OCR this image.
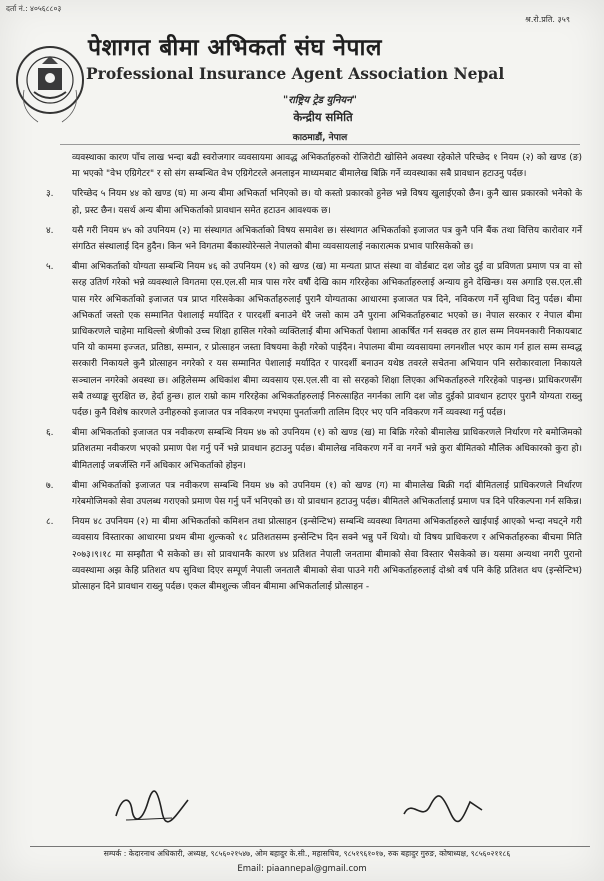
दर्ता नं.: ४०५६८८०३
श्र.रो.प्रति. ३५९
पेशागत बीमा अभिकर्ता संघ नेपाल
Professional Insurance Agent Association Nepal
"राष्ट्रिय ट्रेड युनियन"
केन्द्रीय समिति
काठमाडौं, नेपाल
व्यवस्थाका कारण पाँच लाख भन्दा बढी स्वरोजगार व्यवसायमा आवद्ध अभिकर्ताहरुको रोजिरोटी खोसिने अवस्था रहेकोले परिच्छेद १ नियम (२) को खण्ड (ङ) मा भएको "वेभ एग्रिगेटर" र सो संग सम्बन्धित वेभ एग्रिगेटरले अनलाइन माध्यमबाट बीमालेख बिक्रि गर्ने व्यवस्थाका सबै प्रावधान हटाउनु पर्दछ।
३.	परिच्छेद ५ नियम ४४ को खण्ड (घ) मा अन्य बीमा अभिकर्ता भनिएको छ। यो कस्तो प्रकारको हुनेछ भन्ने विषय खुलाईएको छैन। कुनै खास प्रकारको भनेको के हो, प्रस्ट छैन। यसर्थ अन्य बीमा अभिकर्ताको प्रावधान समेत हटाउन आवश्यक छ।
४.	यसै गरी नियम ४५ को उपनियम (२) मा संस्थागत अभिकर्ताको विषय समावेश छ। संस्थागत अभिकर्ताको इजाजत पत्र कुनै पनि बैंक तथा वित्तिय कारोवार गर्ने संगठित संस्थालाई दिन हुदैन। किन भने विगतमा बैंकास्योरेन्सले नेपालको बीमा व्यवसायलाई नकारात्मक प्रभाव पारिसकेको छ।
५.	बीमा अभिकर्ताको योग्यता सम्बन्धि नियम ४६ को उपनियम (१) को खण्ड (ख) मा मन्यता प्राप्त संस्था वा वोर्डबाट दश जोड दुई वा प्रविणता प्रमाण पत्र वा सो सरह उतिर्ण गरेको भन्ने व्यवस्थाले विगतमा एस.एल.सी मात्र पास गरेर वर्षौ देखि काम गरिरहेका अभिकर्ताहरुलाई अन्याय हुने देखिन्छ। यस अगाडि एस.एल.सी पास गरेर अभिकर्ताको इजाजत पत्र प्राप्त गरिसकेका अभिकर्ताहरुलाई पुरानै योग्यताका आधारमा इजाजत पत्र दिने, नविकरण गर्ने सुविधा दिनु पर्दछ। बीमा अभिकर्ता जस्तो एक सम्मानित पेशालाई मर्यादित र पारदर्शी बनाउने धेरै जसो काम उनै पुराना अभिकर्ताहरुबाट भएको छ। नेपाल सरकार र नेपाल बीमा प्राधिकरणले चाहेमा माथिल्लो श्रेणीको उच्च शिक्षा हासिल गरेको व्यक्तिलाई बीमा अभिकर्ता पेशामा आकर्षित गर्न सक्दछ तर हाल सम्म नियमनकारी निकायबाट पनि यो काममा इज्जत, प्रतिष्ठा, सम्मान, र प्रोत्साहन जस्ता विषयमा केही गरेको पाईदैन। नेपालमा बीमा व्यवसायमा लगनशील भएर काम गर्न हाल सम्म सम्वद्ध सरकारी निकायले कुनै प्रोत्साहन नगरेको र यस सम्मानित पेशालाई मर्यादित र पारदर्शी बनाउन यथेष्ठ तवरले सचेतना अभियान पनि सरोकारवाला निकायले सञ्चालन नगरेको अवस्था छ। अहिलेसम्म अधिकांश बीमा व्यवसाय एस.एल.सी वा सो सरहको शिक्षा लिएका अभिकर्ताहरुले गरिरहेको पाइन्छ। प्राधिकरणसँग सबै तथ्याङ्क सुरक्षित छ, हेर्दा हुन्छ। हाल राम्रो काम गरिरहेका अभिकर्ताहरुलाई निरुत्साहित नगर्नका लागि दश जोड दुईको प्रावधान हटाएर पुरानै योग्यता राख्नु पर्दछ। कुनै विशेष कारणले उनीहरुको इजाजत पत्र नविकरण नभएमा पुनर्ताजगी तालिम दिएर भए पनि नविकरण गर्ने व्यवस्था गर्नु पर्दछ।
६.	बीमा अभिकर्ताको इजाजत पत्र नवीकरण सम्बन्धि नियम ४७ को उपनियम (१) को खण्ड (ख) मा बिक्रि गरेको बीमालेख प्राधिकरणले निर्धारण गरे बमोजिमको प्रतिशतमा नवीकरण भएको प्रमाण पेश गर्नु पर्ने भन्ने प्रावधान हटाउनु पर्दछ। बीमालेख नविकरण गर्ने वा नगर्ने भन्ने कुरा बीमितको मौलिक अधिकारको कुरा हो। बीमितलाई जबर्जस्ति गर्ने अधिकार अभिकर्ताको होइन।
७.	बीमा अभिकर्ताको इजाजत पत्र नवीकरण सम्बन्धि नियम ४७ को उपनियम (१) को खण्ड (ग) मा बीमालेख बिक्री गर्दा बीमितलाई प्राधिकरणले निर्धारण गरेबमोजिमको सेवा उपलब्ध गराएको प्रमाण पेस गर्नु पर्ने भनिएको छ। यो प्रावधान हटाउनु पर्दछ। बीमितले अभिकर्तालाई प्रमाण पत्र दिने परिकल्पना गर्न सकिन्न।
८.	नियम ४८ उपनियम (२) मा बीमा अभिकर्ताको कमिशन तथा प्रोत्साहन (इन्सेन्टिभ) सम्बन्धि व्यवस्था विगतमा अभिकर्ताहरुले खाईपाई आएको भन्दा नघट्ने गरी व्यवसाय विस्तारका आधारमा प्रथम बीमा शुल्कको १८ प्रतिशतसम्म इन्सेन्टिभ दिन सक्ने भन्नु पर्ने थियो। यो विषय प्राधिकरण र अभिकर्ताहरुका बीचमा मिति २०७३।९।१८ मा सम्झौता भै सकेको छ। सो प्रावधानकै कारण ४४ प्रतिशत नेपाली जनतामा बीमाको सेवा विस्तार भैसकेको छ। यसमा अन्यथा नगरी पुरानो व्यवस्थामा अझ केहि प्रतिशत थप सुविधा दिएर सम्पूर्ण नेपाली जनतालै बीमाको सेवा पाउने गरी अभिकर्ताहरुलाई दोश्रो वर्ष पनि केहि प्रतिशत थप (इन्सेन्टिभ) प्रोत्साहन दिने प्रावधान राख्नु पर्दछ। एकल बीमशुल्क जीवन बीमामा अभिकर्तालाई प्रोत्साहन -
सम्पर्क : केदारनाथ अधिकारी, अध्यक्ष, ९८५६०२१५४७, ओम बहादुर के.सी., महासचिव, ९८५१९६१०१७, रुक बहादुर गुरुङ, कोषाध्यक्ष, ९८५६०२११८६
Email: piaannepal@gmail.com
